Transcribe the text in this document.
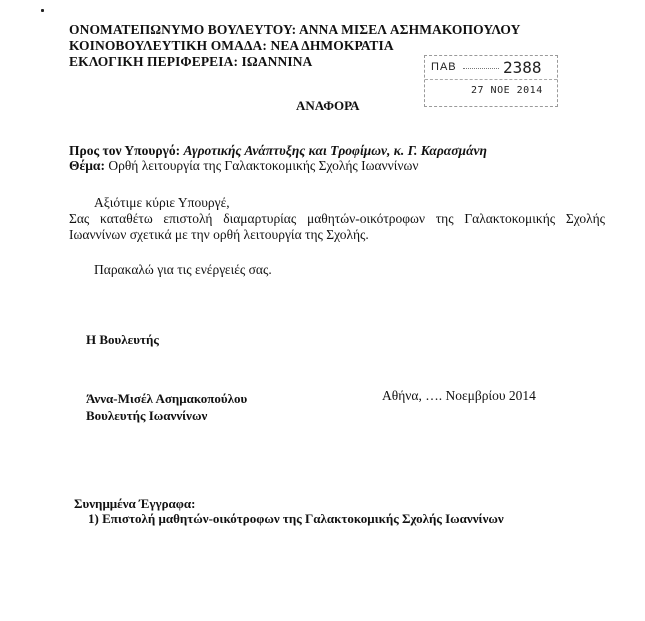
ΟΝΟΜΑΤΕΠΩΝΥΜΟ ΒΟΥΛΕΥΤΟΥ: ΑΝΝΑ ΜΙΣΕΛ ΑΣΗΜΑΚΟΠΟΥΛΟΥ
ΚΟΙΝΟΒΟΥΛΕΥΤΙΚΗ ΟΜΑΔΑ: ΝΕΑ ΔΗΜΟΚΡΑΤΙΑ
ΕΚΛΟΓΙΚΗ ΠΕΡΙΦΕΡΕΙΑ: ΙΩΑΝΝΙΝΑ	ΠΑΒ	2388
27 ΝΟΕ 2014
ΑΝΑΦΟΡΑ
Προς τον Υπουργό: Αγροτικής Ανάπτυξης και Τροφίμων, κ. Γ. Καρασμάνη
Θέμα: Ορθή λειτουργία της Γαλακτοκομικής Σχολής Ιωαννίνων
Αξιότιμε κύριε Υπουργέ,
Σας καταθέτω επιστολή διαμαρτυρίας μαθητών-οικότροφων της Γαλακτοκομικής Σχολής
Ιωαννίνων σχετικά με την ορθή λειτουργία της Σχολής.
Παρακαλώ για τις ενέργειές σας.
Η Βουλευτής
Άννα-Μισέλ Ασημακοπούλου
Βουλευτής Ιωαννίνων
Αθήνα, …. Νοεμβρίου 2014
Συνημμένα Έγγραφα:
1) Επιστολή μαθητών-οικότροφων της Γαλακτοκομικής Σχολής Ιωαννίνων
